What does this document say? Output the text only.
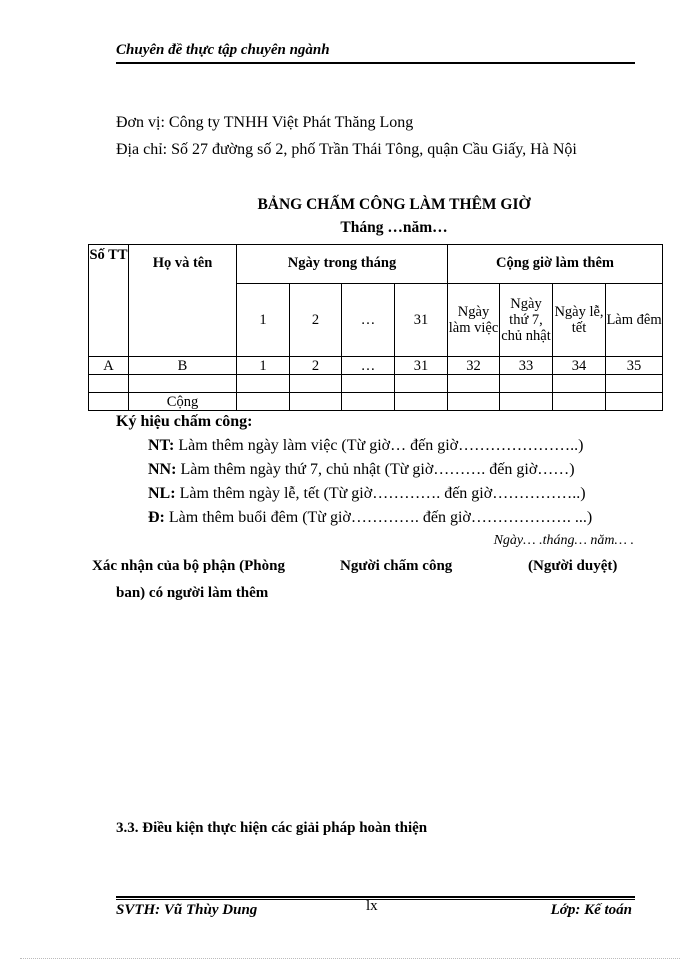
Chuyên đề thực tập chuyên ngành
Đơn vị: Công ty TNHH Việt Phát Thăng Long
Địa chỉ: Số 27 đường số 2, phố Trần Thái Tông, quận Cầu Giấy, Hà Nội
BẢNG CHẤM CÔNG LÀM THÊM GIỜ
Tháng …năm…
Số TT	Họ và tên	Ngày trong tháng				Cộng giờ làm thêm			
		1	2	…	31	Ngày làm việc	Ngày thứ 7, chủ nhật	Ngày lễ, tết	Làm đêm
A	B	1	2	…	31	32	33	34	35

	Cộng								
Ký hiệu chấm công:
NT: Làm thêm ngày làm việc (Từ giờ… đến giờ…………………..)
NN: Làm thêm ngày thứ 7, chủ nhật (Từ giờ………. đến giờ……)
NL: Làm thêm ngày lễ, tết (Từ giờ…………. đến giờ……………..)
Đ: Làm thêm buổi đêm (Từ giờ…………. đến giờ………………. ...)
Ngày… .tháng… năm… .
Xác nhận của bộ phận (Phòng
ban) có người làm thêm
Người chấm công	(Người duyệt)
3.3. Điều kiện thực hiện các giải pháp hoàn thiện
SVTH: Vũ Thùy Dung	lx	Lớp: Kế toán
